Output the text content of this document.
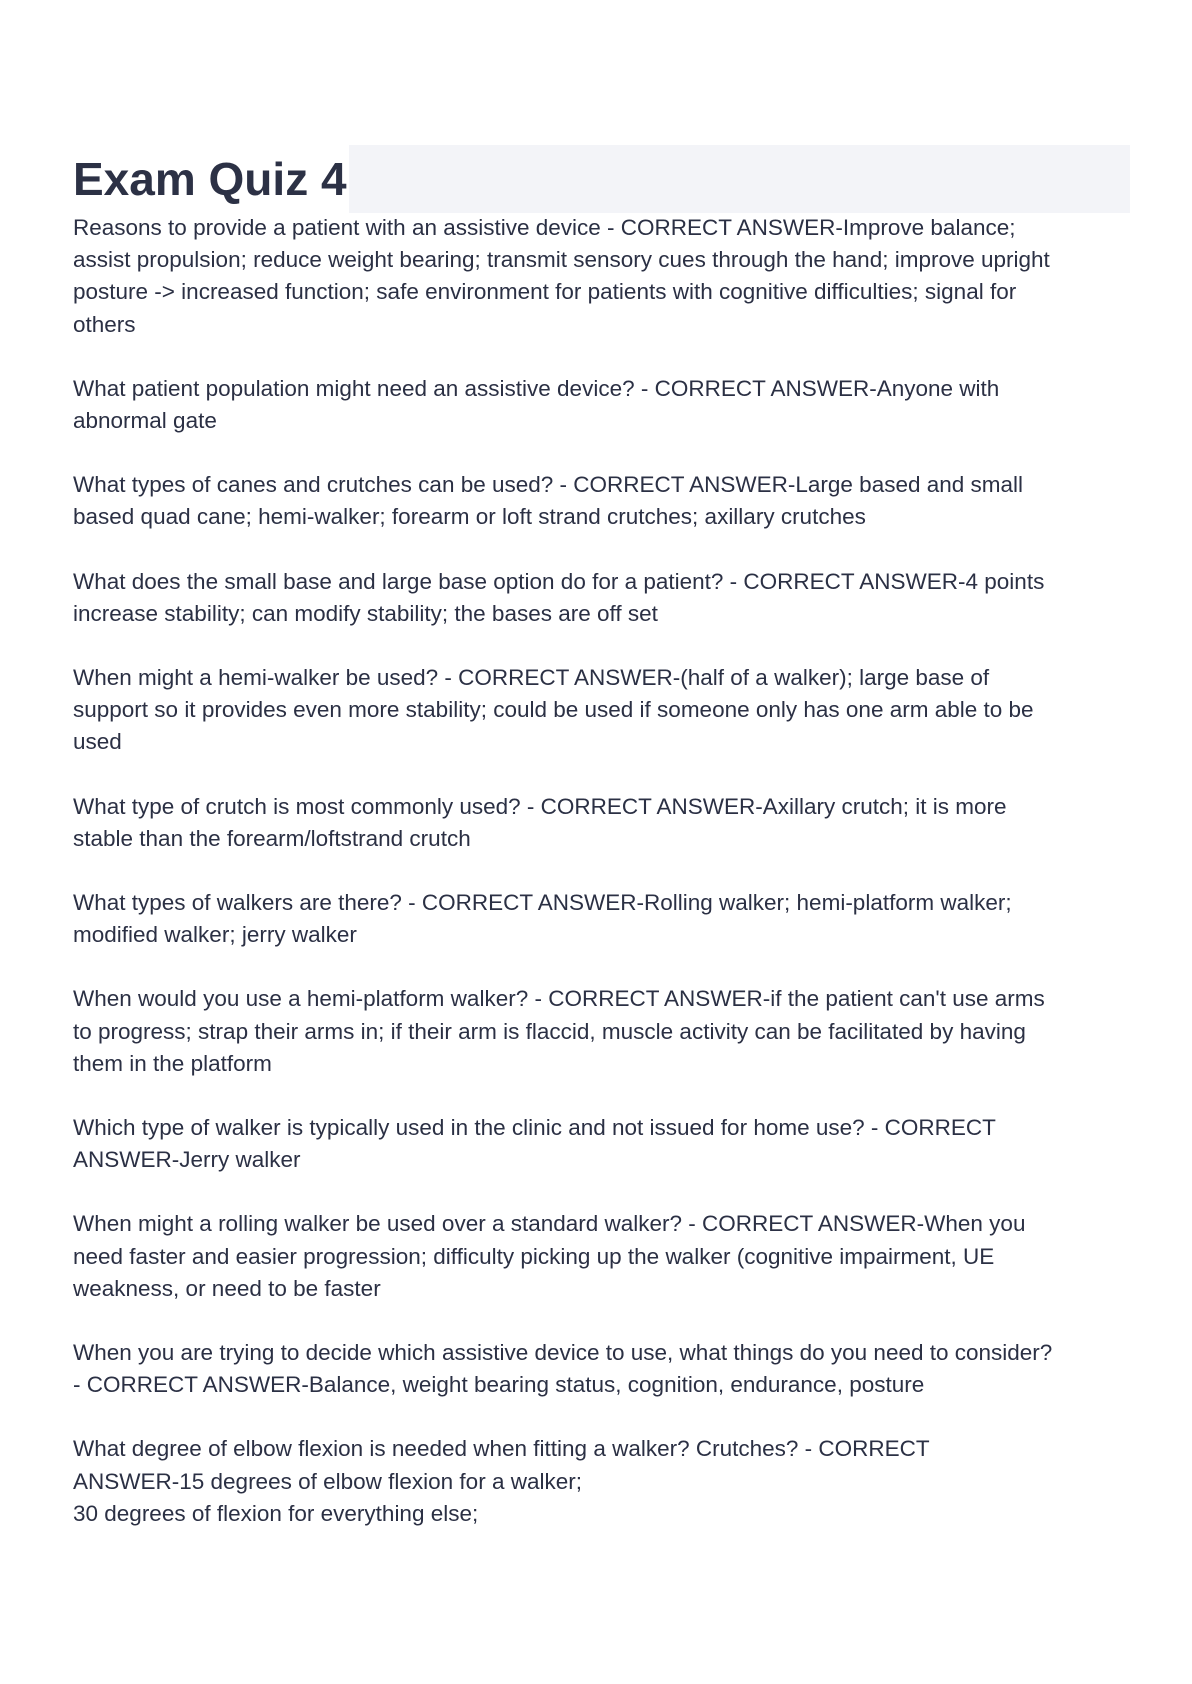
Exam Quiz 4

Reasons to provide a patient with an assistive device - CORRECT ANSWER-Improve balance;
assist propulsion; reduce weight bearing; transmit sensory cues through the hand; improve upright
posture -> increased function; safe environment for patients with cognitive difficulties; signal for
others

What patient population might need an assistive device? - CORRECT ANSWER-Anyone with
abnormal gate

What types of canes and crutches can be used? - CORRECT ANSWER-Large based and small
based quad cane; hemi-walker; forearm or loft strand crutches; axillary crutches

What does the small base and large base option do for a patient? - CORRECT ANSWER-4 points
increase stability; can modify stability; the bases are off set

When might a hemi-walker be used? - CORRECT ANSWER-(half of a walker); large base of
support so it provides even more stability; could be used if someone only has one arm able to be
used

What type of crutch is most commonly used? - CORRECT ANSWER-Axillary crutch; it is more
stable than the forearm/loftstrand crutch

What types of walkers are there? - CORRECT ANSWER-Rolling walker; hemi-platform walker;
modified walker; jerry walker

When would you use a hemi-platform walker? - CORRECT ANSWER-if the patient can't use arms
to progress; strap their arms in; if their arm is flaccid, muscle activity can be facilitated by having
them in the platform

Which type of walker is typically used in the clinic and not issued for home use? - CORRECT
ANSWER-Jerry walker

When might a rolling walker be used over a standard walker? - CORRECT ANSWER-When you
need faster and easier progression; difficulty picking up the walker (cognitive impairment, UE
weakness, or need to be faster

When you are trying to decide which assistive device to use, what things do you need to consider?
- CORRECT ANSWER-Balance, weight bearing status, cognition, endurance, posture

What degree of elbow flexion is needed when fitting a walker? Crutches? - CORRECT
ANSWER-15 degrees of elbow flexion for a walker;
30 degrees of flexion for everything else;
